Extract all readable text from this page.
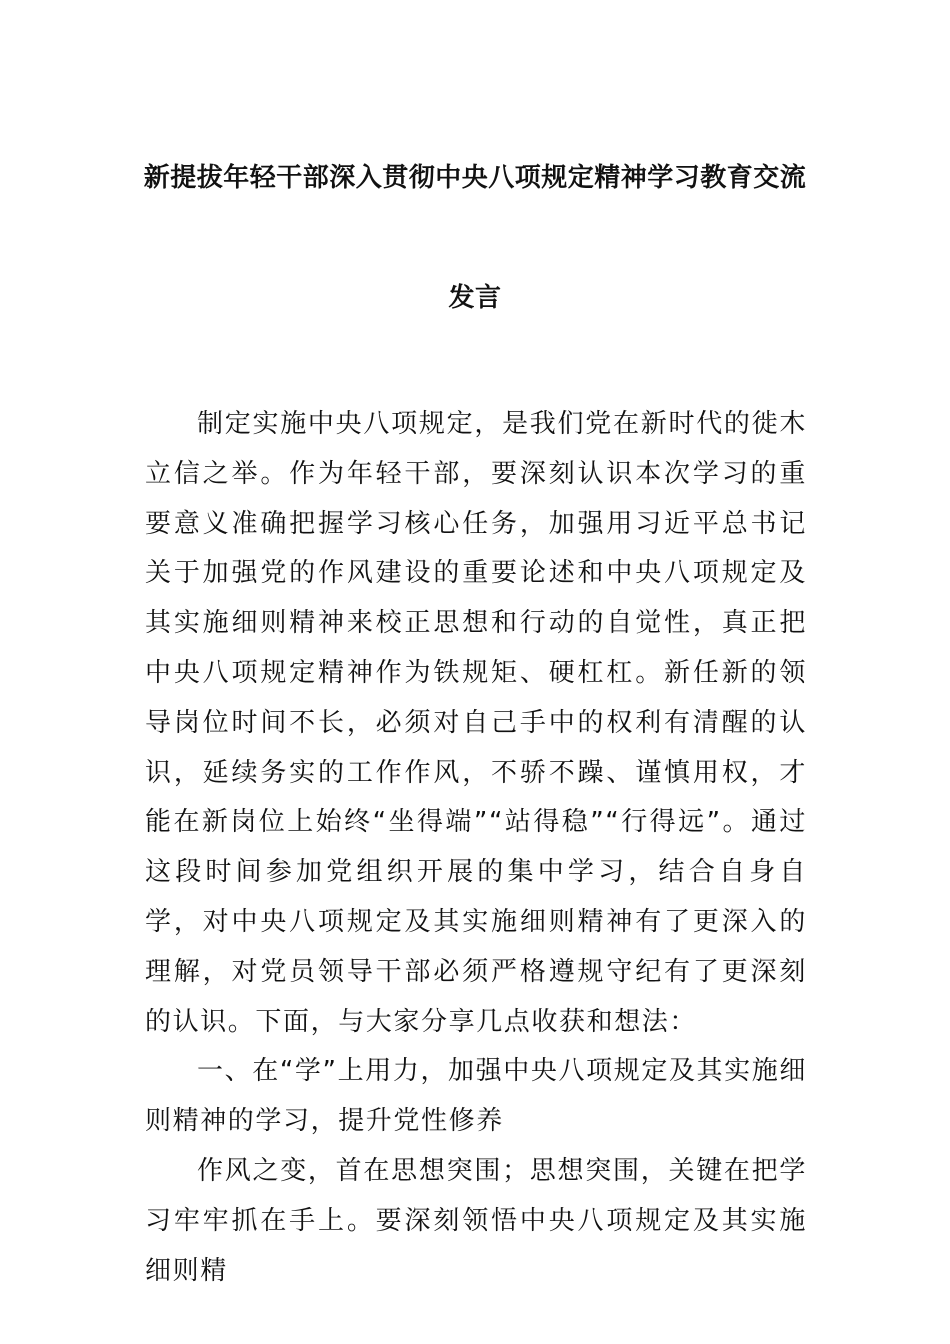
新提拔年轻干部深入贯彻中央八项规定精神学习教育交流
发言

制定实施中央八项规定，是我们党在新时代的徙木立信之举。作为年轻干部，要深刻认识本次学习的重要意义准确把握学习核心任务，加强用习近平总书记关于加强党的作风建设的重要论述和中央八项规定及其实施细则精神来校正思想和行动的自觉性，真正把中央八项规定精神作为铁规矩、硬杠杠。新任新的领导岗位时间不长，必须对自己手中的权利有清醒的认识，延续务实的工作作风，不骄不躁、谨慎用权，才能在新岗位上始终“坐得端”“站得稳”“行得远”。通过这段时间参加党组织开展的集中学习，结合自身自学，对中央八项规定及其实施细则精神有了更深入的理解，对党员领导干部必须严格遵规守纪有了更深刻的认识。下面，与大家分享几点收获和想法：

一、在“学”上用力，加强中央八项规定及其实施细则精神的学习，提升党性修养

作风之变，首在思想突围；思想突围，关键在把学习牢牢抓在手上。要深刻领悟中央八项规定及其实施细则精
